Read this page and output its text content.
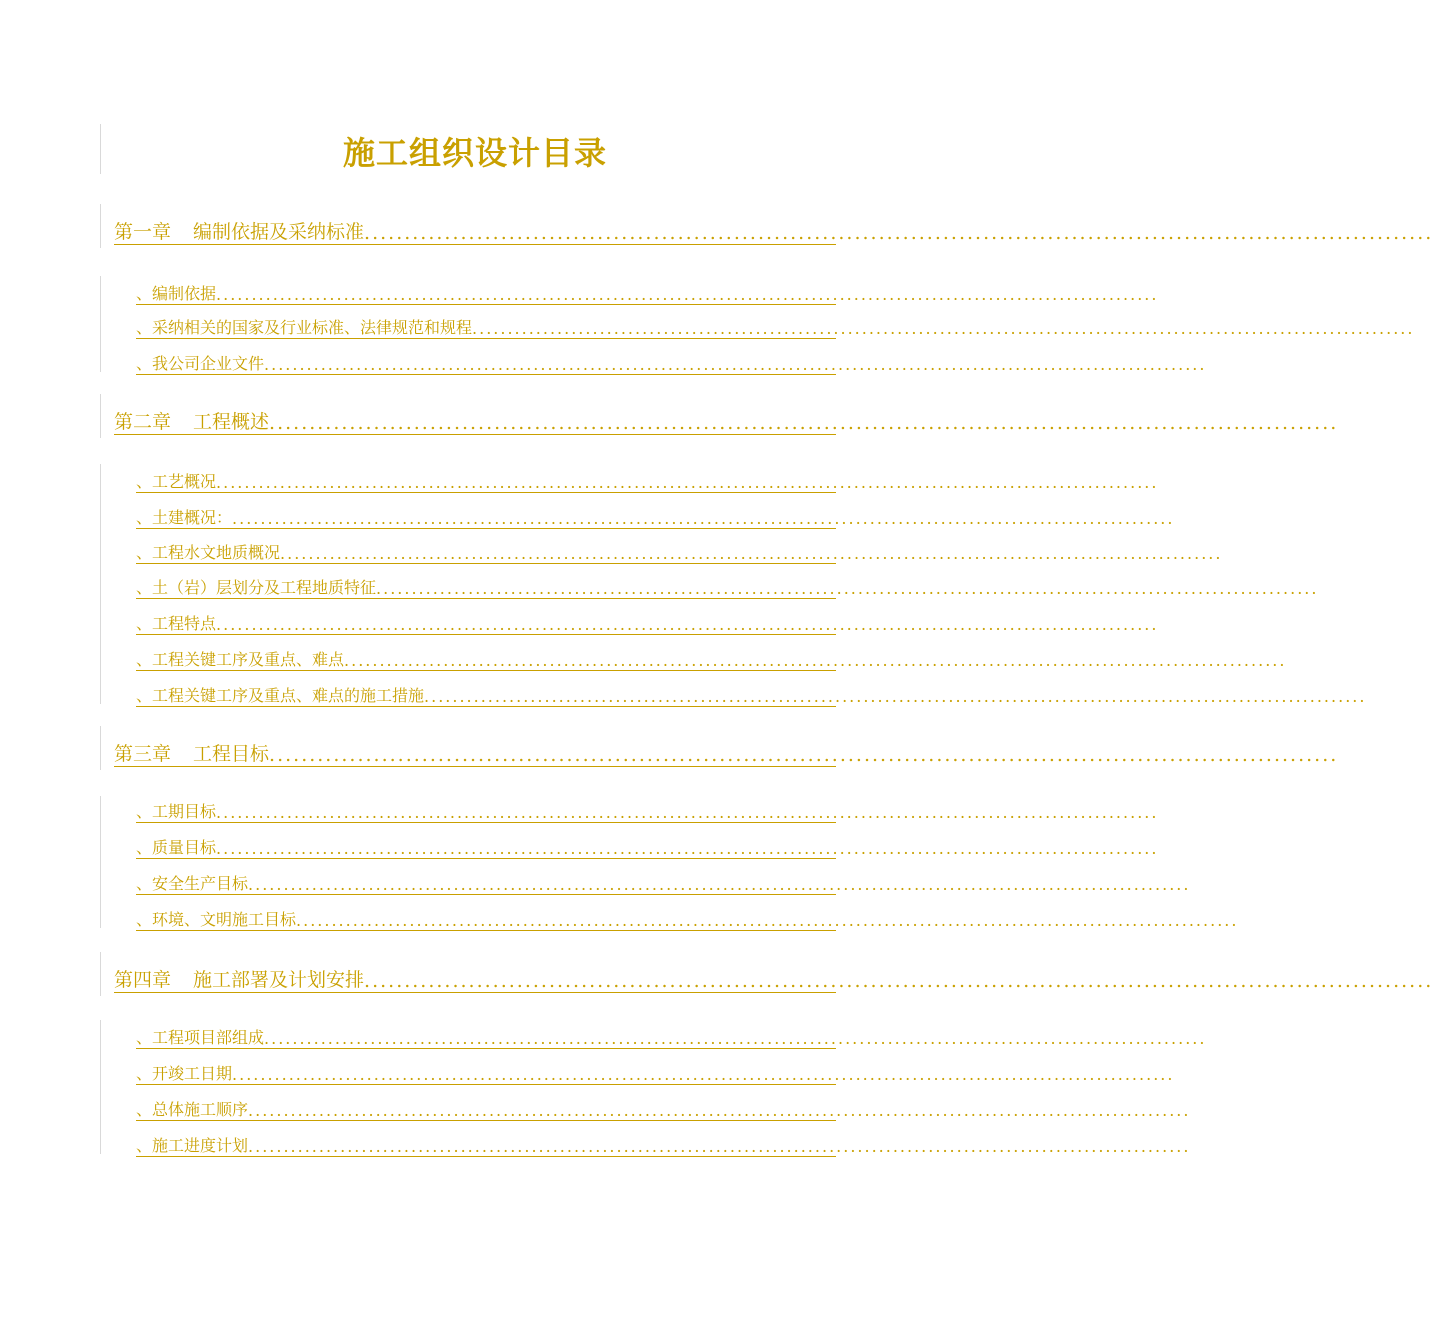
施工组织设计目录
第一章 编制依据及采纳标准 .....................................................................................................................................
、编制依据 .....................................................................................................................................
、采纳相关的国家及行业标准、法律规范和规程 .....................................................................................................................................
、我公司企业文件 .....................................................................................................................................
第二章 工程概述 .....................................................................................................................................
、工艺概况 .....................................................................................................................................
、土建概况： .....................................................................................................................................
、工程水文地质概况 .....................................................................................................................................
、土（岩）层划分及工程地质特征 .....................................................................................................................................
、工程特点 .....................................................................................................................................
、工程关键工序及重点、难点 .....................................................................................................................................
、工程关键工序及重点、难点的施工措施 .....................................................................................................................................
第三章 工程目标 .....................................................................................................................................
、工期目标 .....................................................................................................................................
、质量目标 .....................................................................................................................................
、安全生产目标 .....................................................................................................................................
、环境、文明施工目标 .....................................................................................................................................
第四章 施工部署及计划安排 .....................................................................................................................................
、工程项目部组成 .....................................................................................................................................
、开竣工日期 .....................................................................................................................................
、总体施工顺序 .....................................................................................................................................
、施工进度计划 .....................................................................................................................................
